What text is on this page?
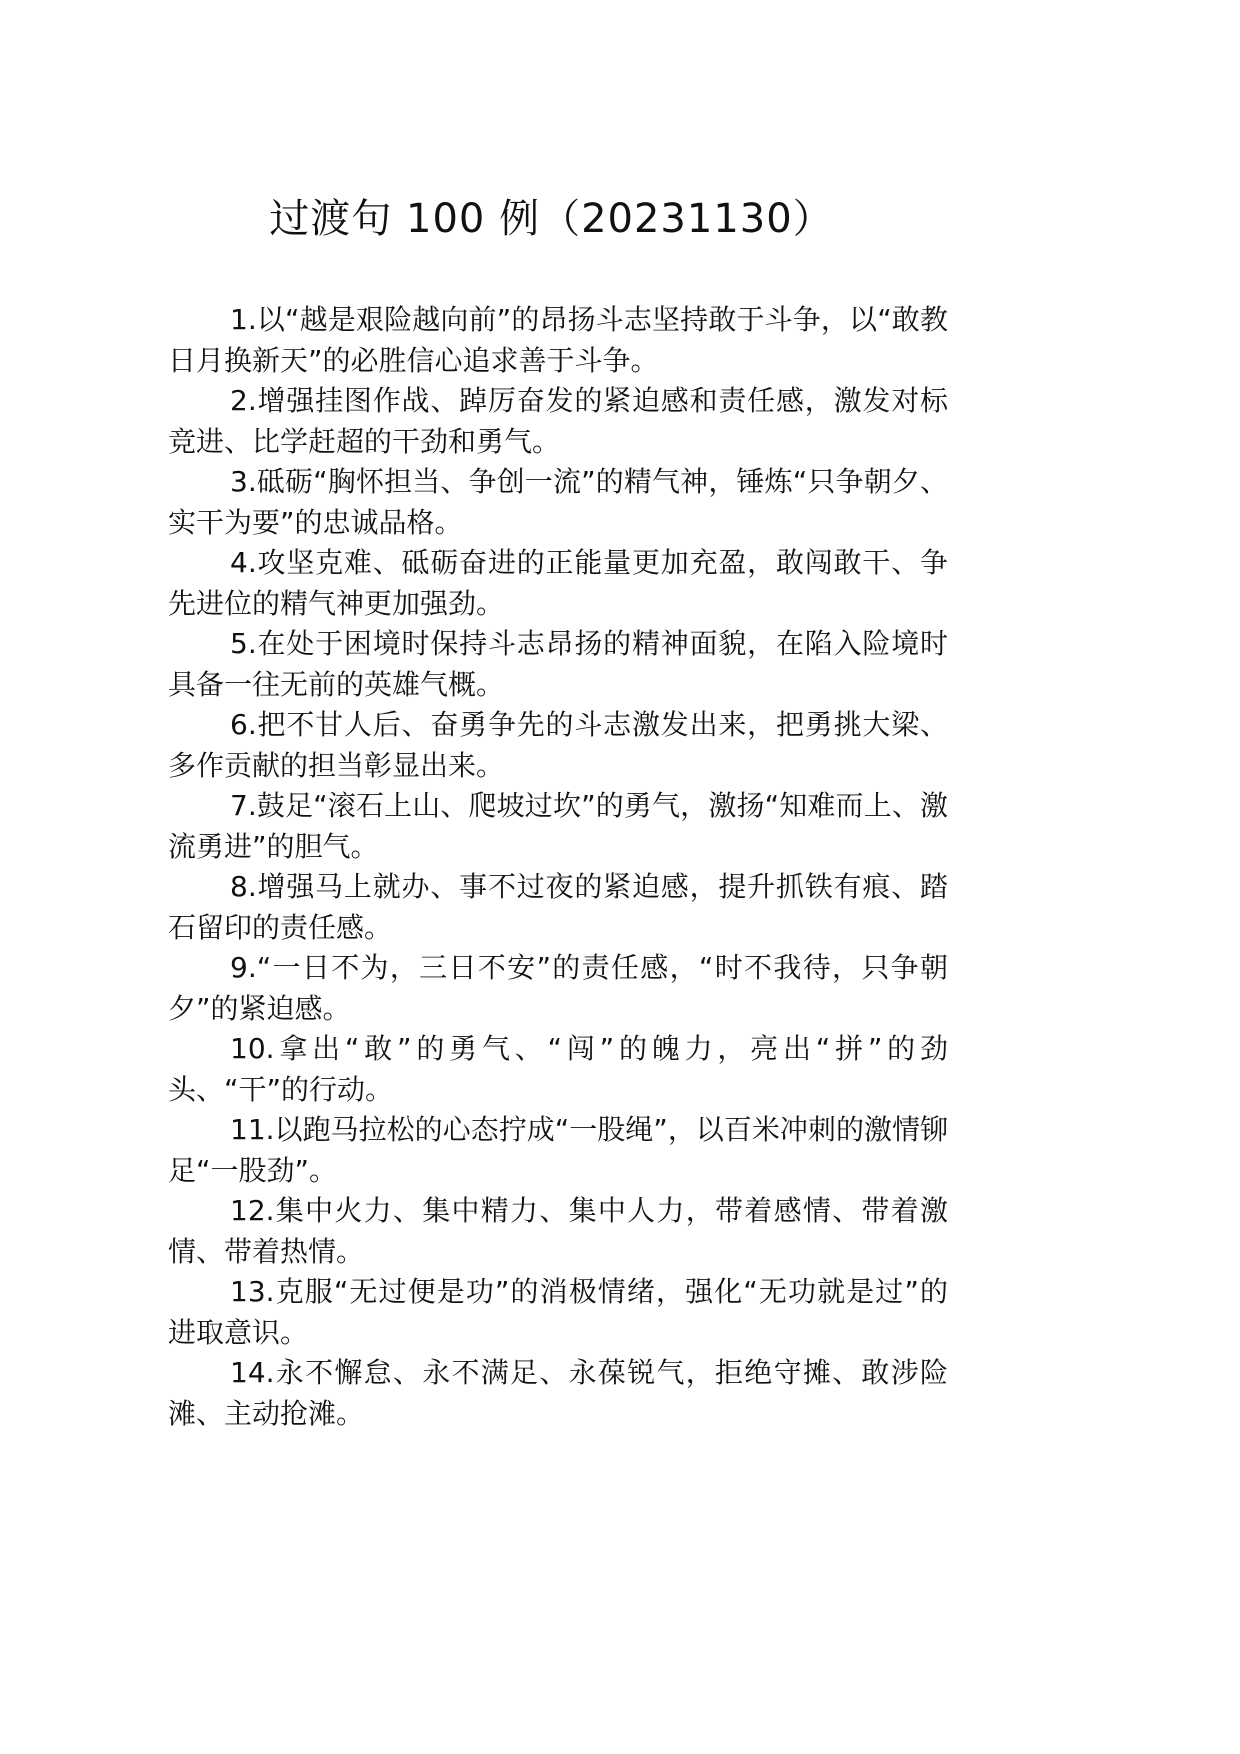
过渡句 100 例（20231130）

1.以“越是艰险越向前”的昂扬斗志坚持敢于斗争，以“敢教日月换新天”的必胜信心追求善于斗争。

2.增强挂图作战、踔厉奋发的紧迫感和责任感，激发对标竞进、比学赶超的干劲和勇气。

3.砥砺“胸怀担当、争创一流”的精气神，锤炼“只争朝夕、实干为要”的忠诚品格。

4.攻坚克难、砥砺奋进的正能量更加充盈，敢闯敢干、争先进位的精气神更加强劲。

5.在处于困境时保持斗志昂扬的精神面貌，在陷入险境时具备一往无前的英雄气概。

6.把不甘人后、奋勇争先的斗志激发出来，把勇挑大梁、多作贡献的担当彰显出来。

7.鼓足“滚石上山、爬坡过坎”的勇气，激扬“知难而上、激流勇进”的胆气。

8.增强马上就办、事不过夜的紧迫感，提升抓铁有痕、踏石留印的责任感。

9.“一日不为，三日不安”的责任感，“时不我待，只争朝夕”的紧迫感。

10.拿出“敢”的勇气、“闯”的魄力，亮出“拼”的劲头、“干”的行动。

11.以跑马拉松的心态拧成“一股绳”，以百米冲刺的激情铆足“一股劲”。

12.集中火力、集中精力、集中人力，带着感情、带着激情、带着热情。

13.克服“无过便是功”的消极情绪，强化“无功就是过”的进取意识。

14.永不懈怠、永不满足、永葆锐气，拒绝守摊、敢涉险滩、主动抢滩。
